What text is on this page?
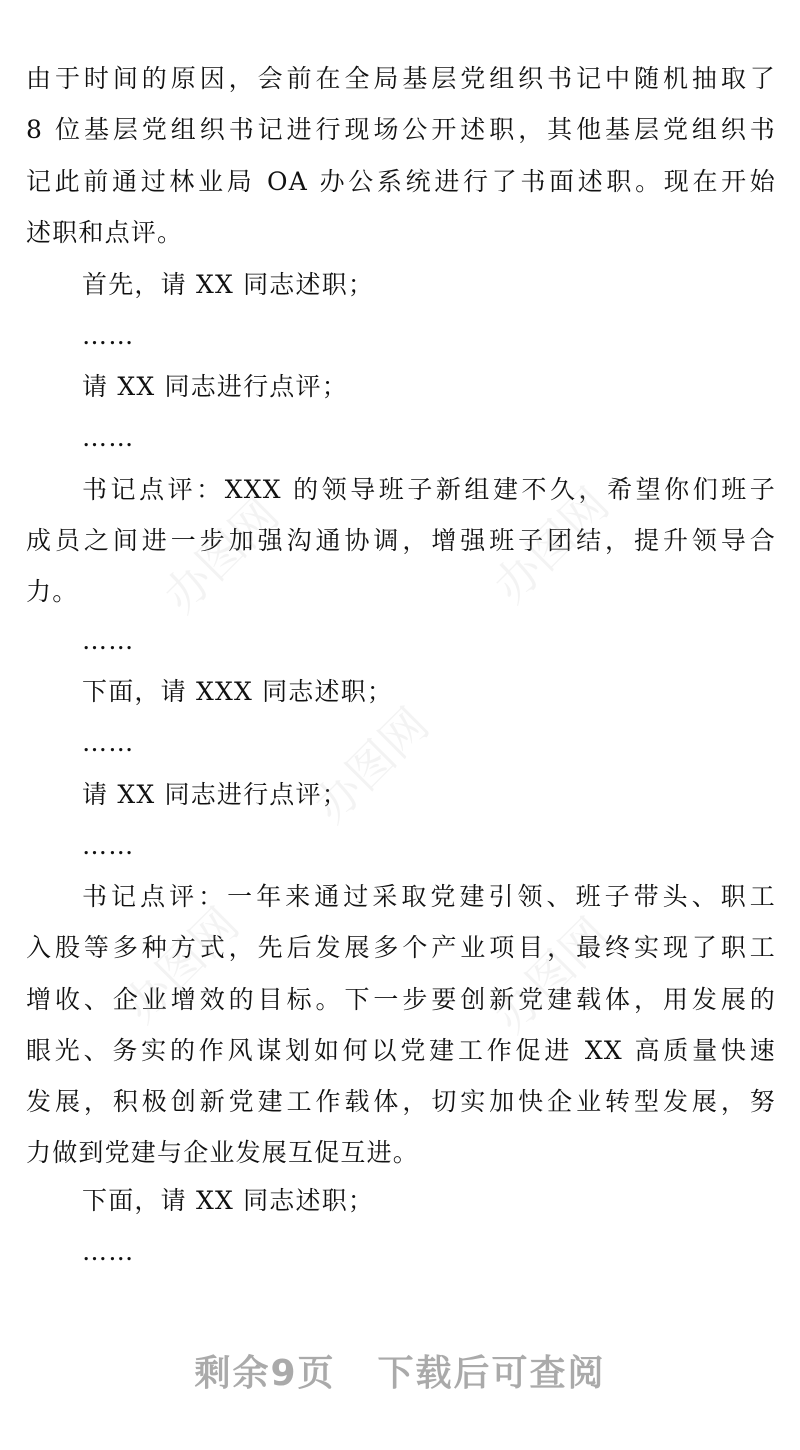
由于时间的原因，会前在全局基层党组织书记中随机抽取了
8 位基层党组织书记进行现场公开述职，其他基层党组织书
记此前通过林业局 OA 办公系统进行了书面述职。现在开始
述职和点评。
首先，请 XX 同志述职；
……
请 XX 同志进行点评；
……
书记点评：XXX 的领导班子新组建不久，希望你们班子
成员之间进一步加强沟通协调，增强班子团结，提升领导合
力。
……
下面，请 XXX 同志述职；
……
请 XX 同志进行点评；
……
书记点评：一年来通过采取党建引领、班子带头、职工
入股等多种方式，先后发展多个产业项目，最终实现了职工
增收、企业增效的目标。下一步要创新党建载体，用发展的
眼光、务实的作风谋划如何以党建工作促进 XX 高质量快速
发展，积极创新党建工作载体，切实加快企业转型发展，努
力做到党建与企业发展互促互进。
下面，请 XX 同志述职；
……
办图网	办图网
办图网
办图网	办图网
剩余9页 下载后可查阅
